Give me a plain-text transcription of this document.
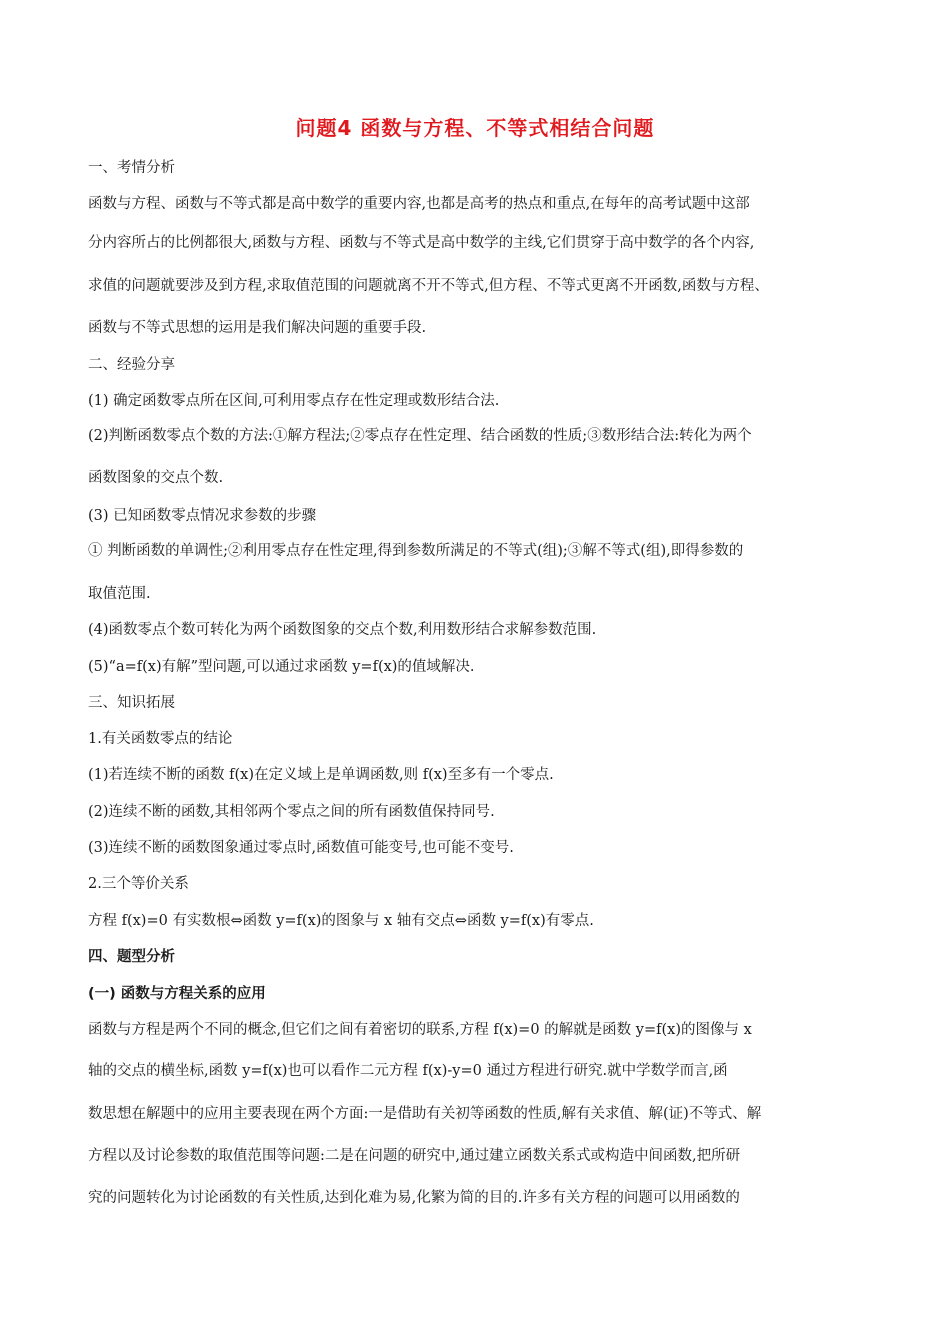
问题4 函数与方程、不等式相结合问题
一、考情分析
函数与方程、函数与不等式都是高中数学的重要内容,也都是高考的热点和重点,在每年的高考试题中这部
分内容所占的比例都很大,函数与方程、函数与不等式是高中数学的主线,它们贯穿于高中数学的各个内容,
求值的问题就要涉及到方程,求取值范围的问题就离不开不等式,但方程、不等式更离不开函数,函数与方程、
函数与不等式思想的运用是我们解决问题的重要手段.
二、经验分享
(1) 确定函数零点所在区间,可利用零点存在性定理或数形结合法.
(2)判断函数零点个数的方法:①解方程法;②零点存在性定理、结合函数的性质;③数形结合法:转化为两个
函数图象的交点个数.
(3) 已知函数零点情况求参数的步骤
① 判断函数的单调性;②利用零点存在性定理,得到参数所满足的不等式(组);③解不等式(组),即得参数的
取值范围.
(4)函数零点个数可转化为两个函数图象的交点个数,利用数形结合求解参数范围.
(5)“a=f(x)有解”型问题,可以通过求函数 y=f(x)的值域解决.
三、知识拓展
1.有关函数零点的结论
(1)若连续不断的函数 f(x)在定义域上是单调函数,则 f(x)至多有一个零点.
(2)连续不断的函数,其相邻两个零点之间的所有函数值保持同号.
(3)连续不断的函数图象通过零点时,函数值可能变号,也可能不变号.
2.三个等价关系
方程 f(x)=0 有实数根⇔函数 y=f(x)的图象与 x 轴有交点⇔函数 y=f(x)有零点.
四、题型分析
(一) 函数与方程关系的应用
函数与方程是两个不同的概念,但它们之间有着密切的联系,方程 f(x)=0 的解就是函数 y=f(x)的图像与 x
轴的交点的横坐标,函数 y=f(x)也可以看作二元方程 f(x)-y=0 通过方程进行研究.就中学数学而言,函
数思想在解题中的应用主要表现在两个方面:一是借助有关初等函数的性质,解有关求值、解(证)不等式、解
方程以及讨论参数的取值范围等问题:二是在问题的研究中,通过建立函数关系式或构造中间函数,把所研
究的问题转化为讨论函数的有关性质,达到化难为易,化繁为简的目的.许多有关方程的问题可以用函数的
